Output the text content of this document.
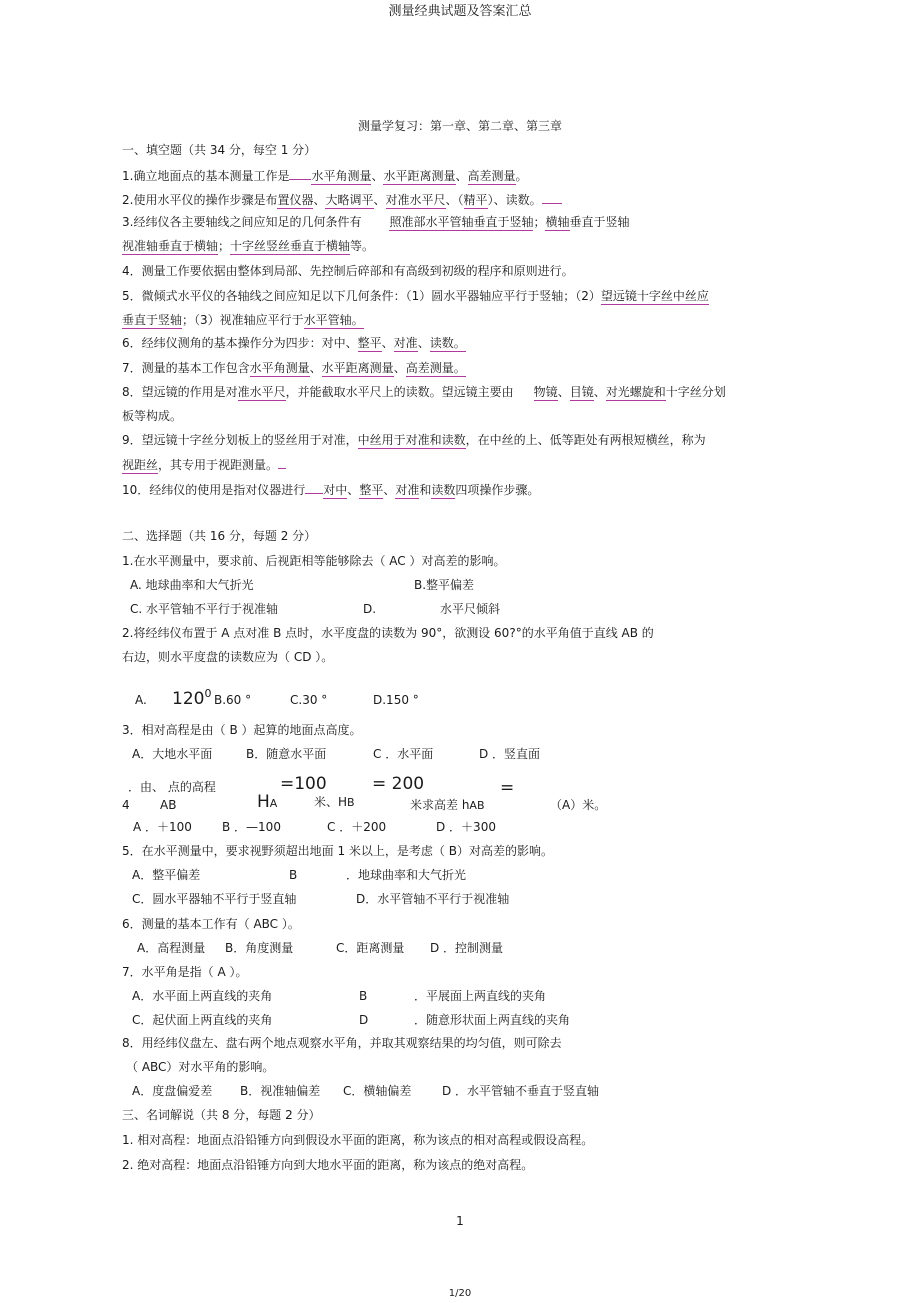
测量经典试题及答案汇总
测量学复习：第一章、第二章、第三章
一、填空题（共 34 分，每空 1 分）
1.确立地面点的基本测量工作是 水平角测量、水平距离测量、高差测量。
2.使用水平仪的操作步骤是布置仪器、大略调平、对准水平尺、（精平）、读数。
3.经纬仪各主要轴线之间应知足的几何条件有 照准部水平管轴垂直于竖轴；横轴垂直于竖轴
视准轴垂直于横轴；十字丝竖丝垂直于横轴等。
4．测量工作要依据由整体到局部、先控制后碎部和有高级到初级的程序和原则进行。
5．微倾式水平仪的各轴线之间应知足以下几何条件：（1）圆水平器轴应平行于竖轴；（2）望远镜十字丝中丝应
垂直于竖轴；（3）视准轴应平行于水平管轴。
6．经纬仪测角的基本操作分为四步：对中、整平、对准、读数。
7．测量的基本工作包含水平角测量、水平距离测量、高差测量。
8．望远镜的作用是对准水平尺，并能截取水平尺上的读数。望远镜主要由 物镜、目镜、对光螺旋和十字丝分划
板等构成。
9．望远镜十字丝分划板上的竖丝用于对准，中丝用于对准和读数，在中丝的上、低等距处有两根短横丝，称为
视距丝，其专用于视距测量。
10．经纬仪的使用是指对仪器进行 对中、整平、对准和读数四项操作步骤。
二、选择题（共 16 分，每题 2 分）
1.在水平测量中，要求前、后视距相等能够除去（ AC ）对高差的影响。
A. 地球曲率和大气折光	B.整平偏差
C. 水平管轴不平行于视准轴	D.	水平尺倾斜
2.将经纬仪布置于 A 点对准 B 点时，水平度盘的读数为 90°，欲测设 60?°的水平角值于直线 AB 的
右边，则水平度盘的读数应为（ CD ）。
A. 1200 B.60 °	C.30 °	D.150 °
3．相对高程是由（ B ）起算的地面点高度。
A．大地水平面	B．随意水平面	C ．水平面	D ．竖直面
．由、 点的高程	=100	= 200
4	AB	HA	米、HB	米求高差 hAB
=
（A）米。
A ．＋100	B ．—100	C ．＋200	D ．＋300
5．在水平测量中，要求视野须超出地面 1 米以上，是考虑（ B）对高差的影响。
A．整平偏差	B	．地球曲率和大气折光
C．圆水平器轴不平行于竖直轴	D．水平管轴不平行于视准轴
6．测量的基本工作有（ ABC ）。
A．高程测量 B．角度测量	C．距离测量 D ．控制测量
7．水平角是指（ A ）。
A．水平面上两直线的夹角	B	．平展面上两直线的夹角
C．起伏面上两直线的夹角	D	．随意形状面上两直线的夹角
8．用经纬仪盘左、盘右两个地点观察水平角，并取其观察结果的均匀值，则可除去
（ ABC）对水平角的影响。
A．度盘偏爱差 B．视准轴偏差 C．横轴偏差	D ．水平管轴不垂直于竖直轴
三、名词解说（共 8 分，每题 2 分）
1. 相对高程：地面点沿铅锤方向到假设水平面的距离，称为该点的相对高程或假设高程。
2. 绝对高程：地面点沿铅锤方向到大地水平面的距离，称为该点的绝对高程。
1
1/20
